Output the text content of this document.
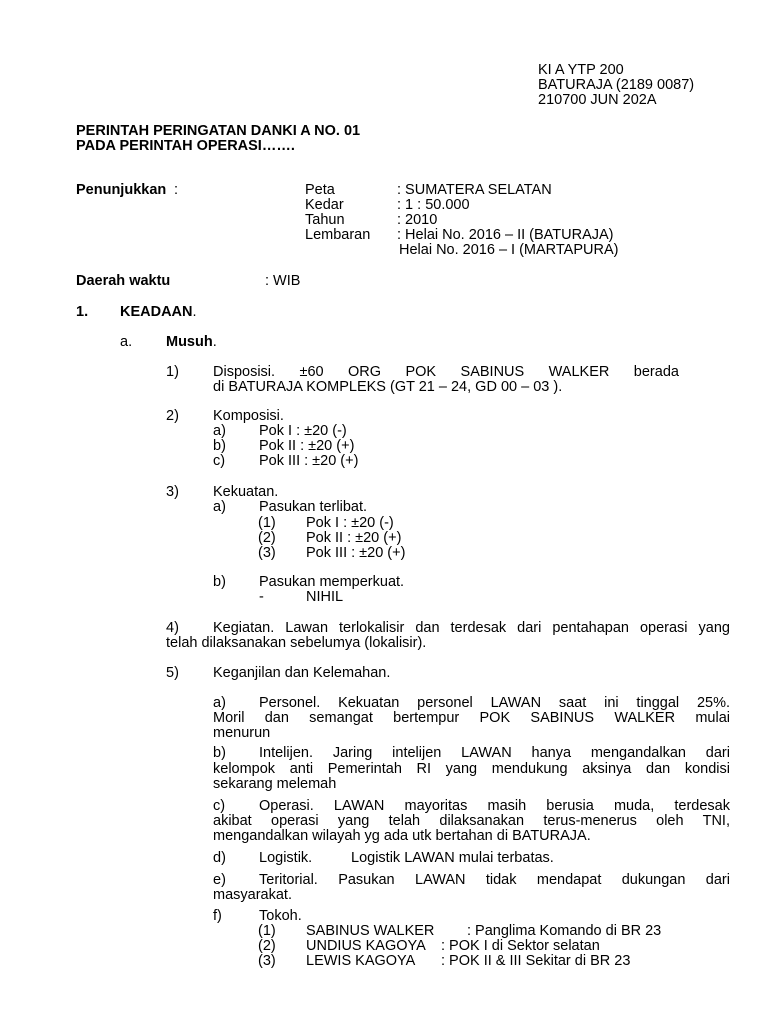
KI A YTP 200
BATURAJA (2189 0087)
210700 JUN 202A
PERINTAH PERINGATAN DANKI A NO. 01
PADA PERINTAH OPERASI…….
Penunjukkan :	Peta	: SUMATERA SELATAN
Kedar	: 1 : 50.000
Tahun	: 2010
Lembaran : Helai No. 2016 – II (BATURAJA)
Helai No. 2016 – I (MARTAPURA)
Daerah waktu	: WIB
1. KEADAAN.
a. Musuh.
1) Disposisi. ±60 ORG POK SABINUS WALKER berada
di BATURAJA KOMPLEKS (GT 21 – 24, GD 00 – 03 ).
2) Komposisi.
a) Pok I : ±20 (-)
b) Pok II : ±20 (+)
c) Pok III : ±20 (+)
3) Kekuatan.
a) Pasukan terlibat.
(1) Pok I : ±20 (-)
(2) Pok II : ±20 (+)
(3) Pok III : ±20 (+)
b) Pasukan memperkuat.
-	NIHIL
4) Kegiatan. Lawan terlokalisir dan terdesak dari pentahapan operasi yang
telah dilaksanakan sebelumya (lokalisir).
5) Keganjilan dan Kelemahan.
a) Personel. Kekuatan personel LAWAN saat ini tinggal 25%.
Moril dan semangat bertempur POK SABINUS WALKER mulai
menurun
b) Intelijen. Jaring intelijen LAWAN hanya mengandalkan dari
kelompok anti Pemerintah RI yang mendukung aksinya dan kondisi
sekarang melemah
c) Operasi. LAWAN mayoritas masih berusia muda, terdesak
akibat operasi yang telah dilaksanakan terus-menerus oleh TNI,
mengandalkan wilayah yg ada utk bertahan di BATURAJA.
d) Logistik.	Logistik LAWAN mulai terbatas.
e) Teritorial. Pasukan LAWAN tidak mendapat dukungan dari
masyarakat.
f)	Tokoh.
(1) SABINUS WALKER : Panglima Komando di BR 23
(2) UNDIUS KAGOYA : POK I di Sektor selatan
(3) LEWIS KAGOYA : POK II & III Sekitar di BR 23
